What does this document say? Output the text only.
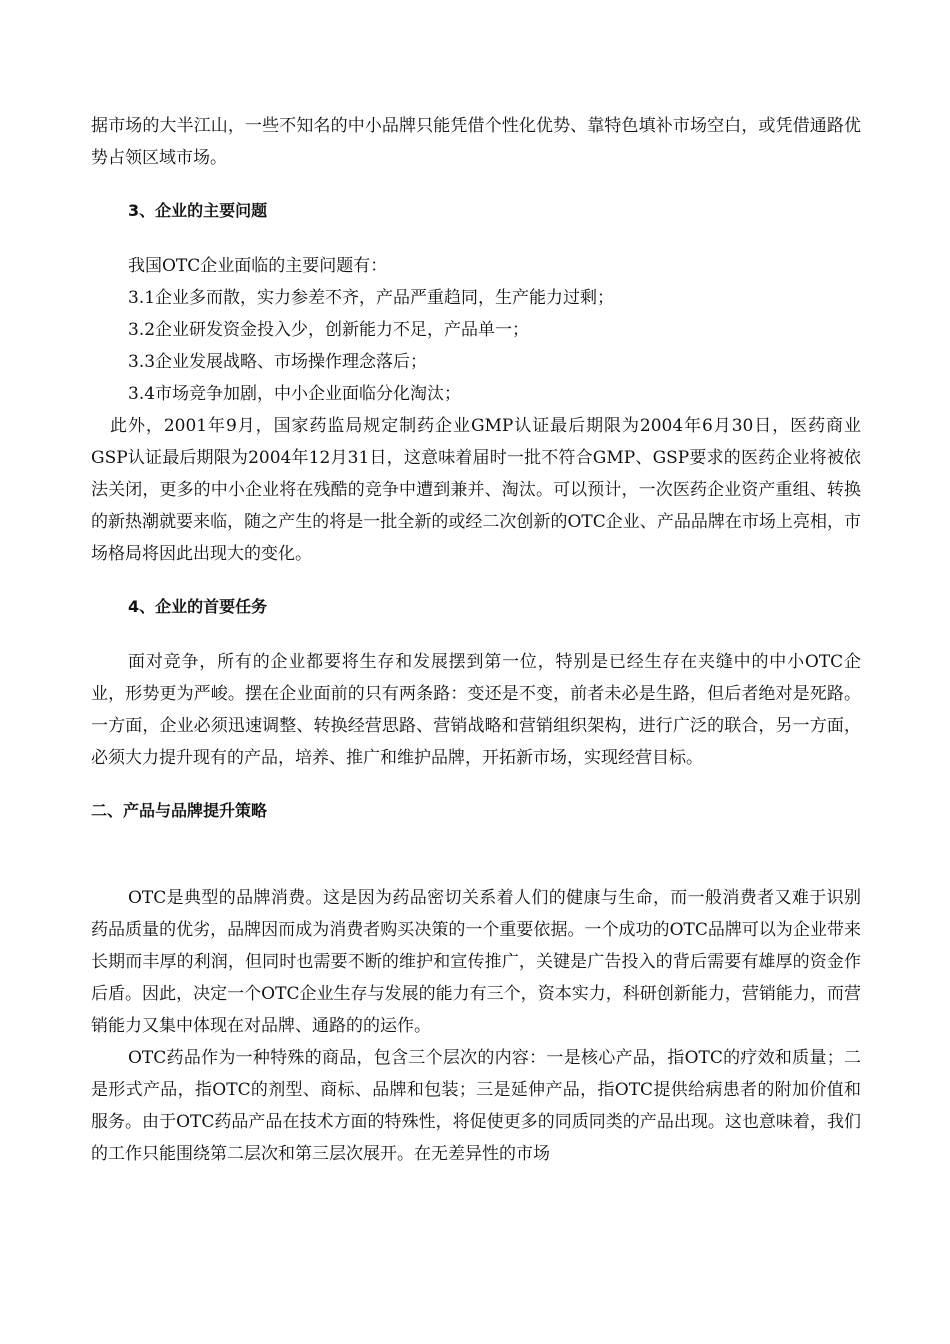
据市场的大半江山，一些不知名的中小品牌只能凭借个性化优势、靠特色填补市场空白，或凭借通路优势占领区域市场。

3、企业的主要问题

我国OTC企业面临的主要问题有：

3.1企业多而散，实力参差不齐，产品严重趋同，生产能力过剩；

3.2企业研发资金投入少，创新能力不足，产品单一；

3.3企业发展战略、市场操作理念落后；

3.4市场竞争加剧，中小企业面临分化淘汰；

此外，2001年9月，国家药监局规定制药企业GMP认证最后期限为2004年6月30日，医药商业GSP认证最后期限为2004年12月31日，这意味着届时一批不符合GMP、GSP要求的医药企业将被依法关闭，更多的中小企业将在残酷的竞争中遭到兼并、淘汰。可以预计，一次医药企业资产重组、转换的新热潮就要来临，随之产生的将是一批全新的或经二次创新的OTC企业、产品品牌在市场上亮相，市场格局将因此出现大的变化。

4、企业的首要任务

面对竞争，所有的企业都要将生存和发展摆到第一位，特别是已经生存在夹缝中的中小OTC企业，形势更为严峻。摆在企业面前的只有两条路：变还是不变，前者未必是生路，但后者绝对是死路。一方面，企业必须迅速调整、转换经营思路、营销战略和营销组织架构，进行广泛的联合，另一方面，必须大力提升现有的产品，培养、推广和维护品牌，开拓新市场，实现经营目标。

二、产品与品牌提升策略

OTC是典型的品牌消费。这是因为药品密切关系着人们的健康与生命，而一般消费者又难于识别药品质量的优劣，品牌因而成为消费者购买决策的一个重要依据。一个成功的OTC品牌可以为企业带来长期而丰厚的利润，但同时也需要不断的维护和宣传推广，关键是广告投入的背后需要有雄厚的资金作后盾。因此，决定一个OTC企业生存与发展的能力有三个，资本实力，科研创新能力，营销能力，而营销能力又集中体现在对品牌、通路的的运作。

OTC药品作为一种特殊的商品，包含三个层次的内容：一是核心产品，指OTC的疗效和质量；二是形式产品，指OTC的剂型、商标、品牌和包装；三是延伸产品，指OTC提供给病患者的附加价值和服务。由于OTC药品产品在技术方面的特殊性，将促使更多的同质同类的产品出现。这也意味着，我们的工作只能围绕第二层次和第三层次展开。在无差异性的市场
